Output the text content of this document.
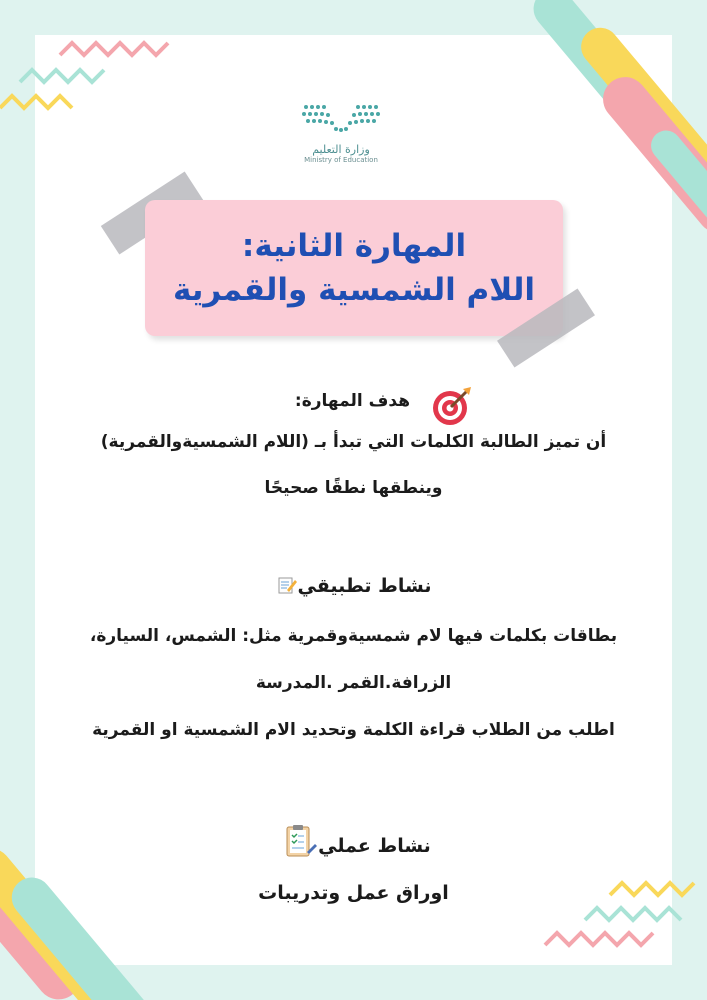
وزارة التعليم
Ministry of Education
المهارة الثانية:
اللام الشمسية والقمرية
هدف المهارة:
أن تميز الطالبة الكلمات التي تبدأ بـ (اللام الشمسيةوالقمرية)
وينطقها نطقًا صحيحًا
نشاط تطبيقي
بطاقات بكلمات فيها لام شمسيةوقمرية مثل: الشمس، السيارة،
الزرافة.القمر .المدرسة
اطلب من الطلاب قراءة الكلمة وتحديد الام الشمسية او القمرية
نشاط عملي
اوراق عمل وتدريبات
